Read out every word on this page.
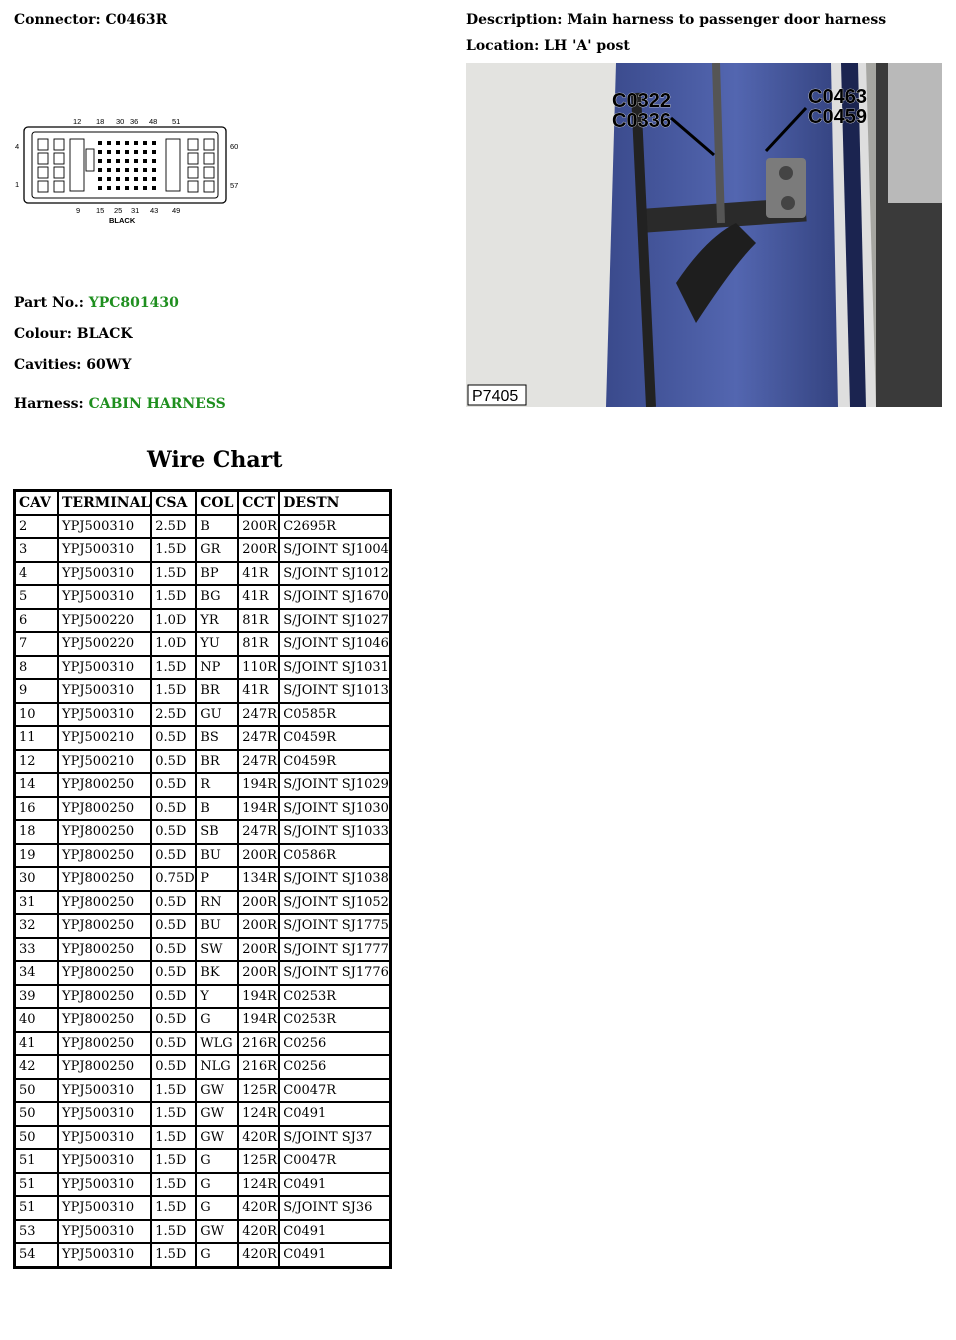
Connector: C0463R	Description: Main harness to passenger door harness
Location: LH 'A' post
12 18 30 36 48 51
9 15 25 31 43 49
4
1
60
57
BLACK
Part No.: YPC801430
Colour: BLACK
Cavities: 60WY
Harness: CABIN HARNESS
C0322
C0336
C0463
C0459
P7405
Wire Chart
CAV	TERMINAL	CSA	COL	CCT	DESTN
2	YPJ500310	2.5D	B	200R	C2695R
3	YPJ500310	1.5D	GR	200R	S/JOINT SJ1004
4	YPJ500310	1.5D	BP	41R	S/JOINT SJ1012
5	YPJ500310	1.5D	BG	41R	S/JOINT SJ1670
6	YPJ500220	1.0D	YR	81R	S/JOINT SJ1027
7	YPJ500220	1.0D	YU	81R	S/JOINT SJ1046
8	YPJ500310	1.5D	NP	110R	S/JOINT SJ1031
9	YPJ500310	1.5D	BR	41R	S/JOINT SJ1013
10	YPJ500310	2.5D	GU	247R	C0585R
11	YPJ500210	0.5D	BS	247R	C0459R
12	YPJ500210	0.5D	BR	247R	C0459R
14	YPJ800250	0.5D	R	194R	S/JOINT SJ1029
16	YPJ800250	0.5D	B	194R	S/JOINT SJ1030
18	YPJ800250	0.5D	SB	247R	S/JOINT SJ1033
19	YPJ800250	0.5D	BU	200R	C0586R
30	YPJ800250	0.75D	P	134R	S/JOINT SJ1038
31	YPJ800250	0.5D	RN	200R	S/JOINT SJ1052
32	YPJ800250	0.5D	BU	200R	S/JOINT SJ1775
33	YPJ800250	0.5D	SW	200R	S/JOINT SJ1777
34	YPJ800250	0.5D	BK	200R	S/JOINT SJ1776
39	YPJ800250	0.5D	Y	194R	C0253R
40	YPJ800250	0.5D	G	194R	C0253R
41	YPJ800250	0.5D	WLG	216R	C0256
42	YPJ800250	0.5D	NLG	216R	C0256
50	YPJ500310	1.5D	GW	125R	C0047R
50	YPJ500310	1.5D	GW	124R	C0491
50	YPJ500310	1.5D	GW	420R	S/JOINT SJ37
51	YPJ500310	1.5D	G	125R	C0047R
51	YPJ500310	1.5D	G	124R	C0491
51	YPJ500310	1.5D	G	420R	S/JOINT SJ36
53	YPJ500310	1.5D	GW	420R	C0491
54	YPJ500310	1.5D	G	420R	C0491
